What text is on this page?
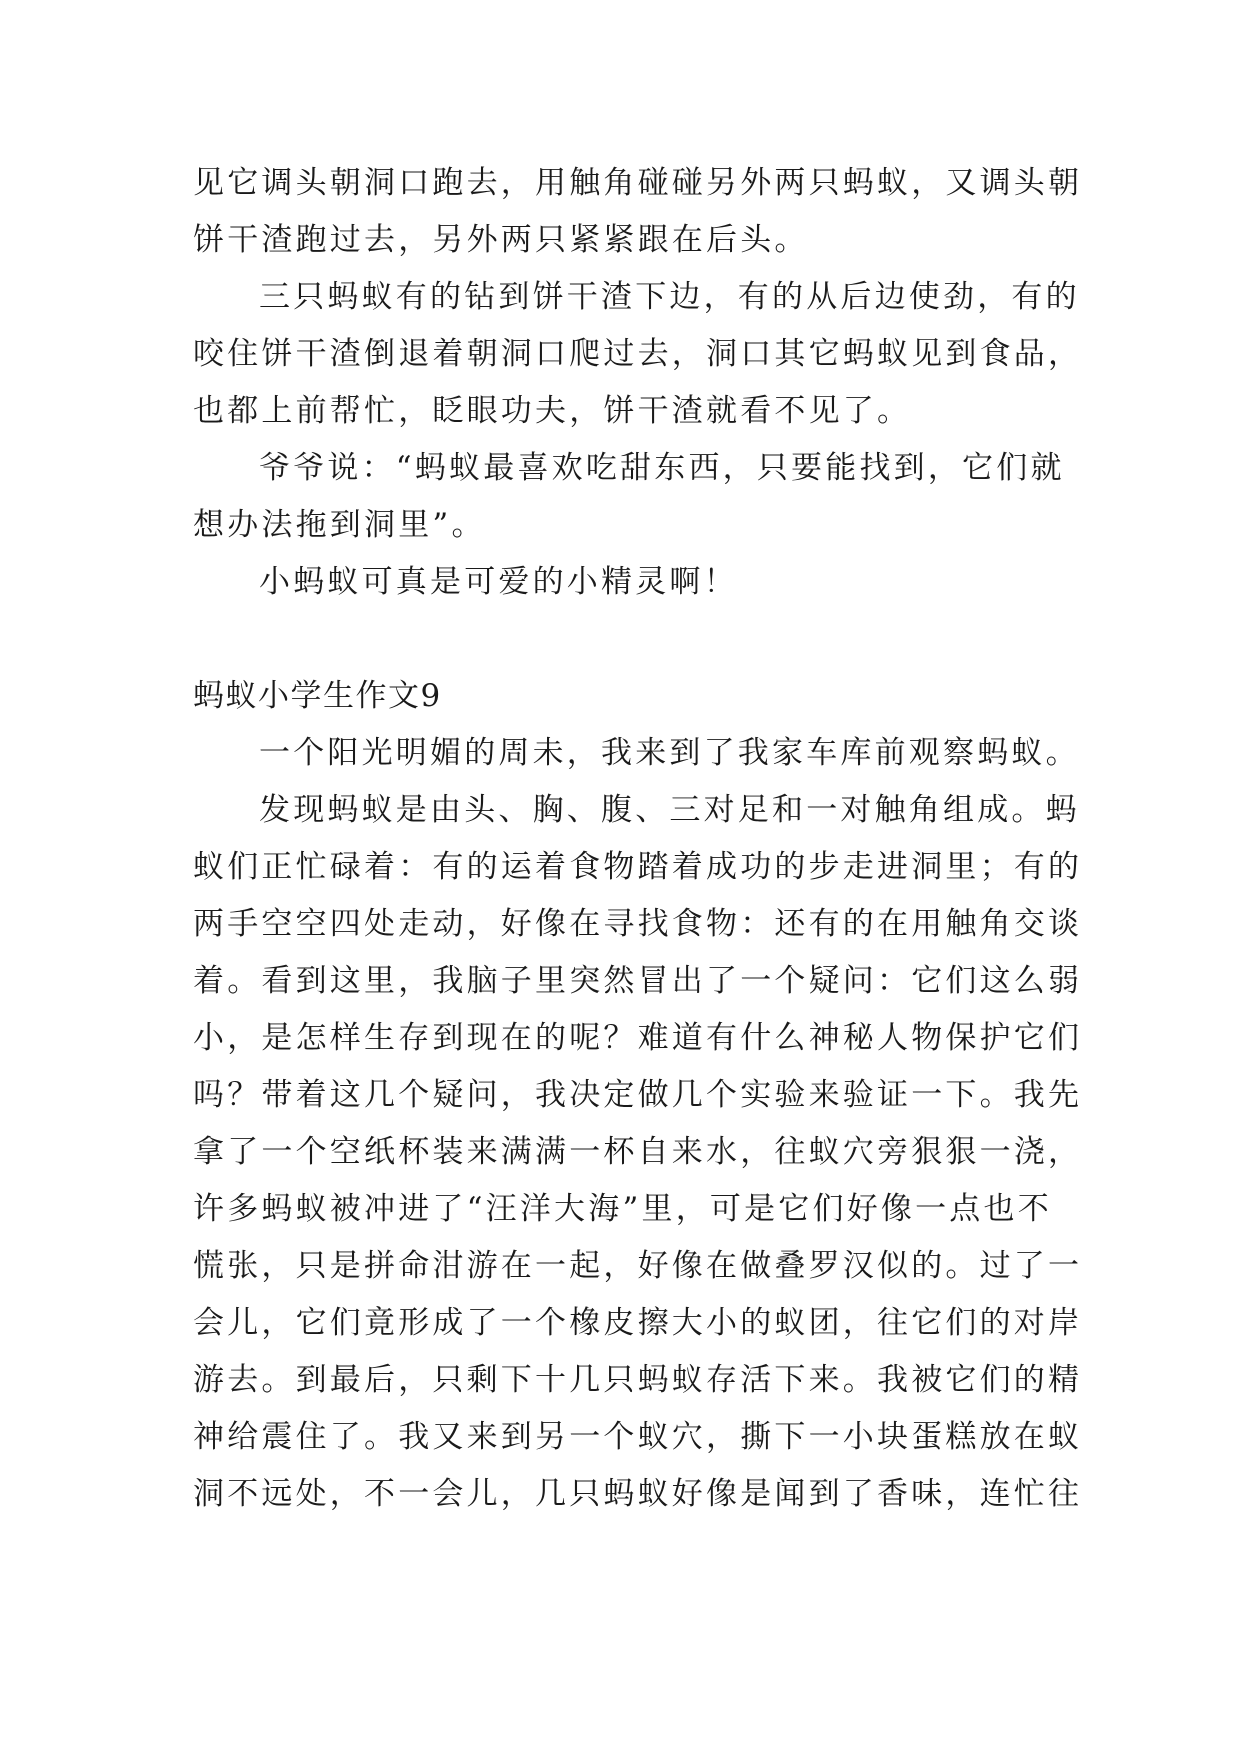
见它调头朝洞口跑去，用触角碰碰另外两只蚂蚁，又调头朝
饼干渣跑过去，另外两只紧紧跟在后头。
三只蚂蚁有的钻到饼干渣下边，有的从后边使劲，有的
咬住饼干渣倒退着朝洞口爬过去，洞口其它蚂蚁见到食品，
也都上前帮忙，眨眼功夫，饼干渣就看不见了。
爷爷说：“蚂蚁最喜欢吃甜东西，只要能找到，它们就
想办法拖到洞里”。
小蚂蚁可真是可爱的小精灵啊！
蚂蚁小学生作文9
一个阳光明媚的周未，我来到了我家车库前观察蚂蚁。
发现蚂蚁是由头、胸、腹、三对足和一对触角组成。蚂
蚁们正忙碌着：有的运着食物踏着成功的步走进洞里；有的
两手空空四处走动，好像在寻找食物：还有的在用触角交谈
着。看到这里，我脑子里突然冒出了一个疑问：它们这么弱
小，是怎样生存到现在的呢？难道有什么神秘人物保护它们
吗？带着这几个疑问，我决定做几个实验来验证一下。我先
拿了一个空纸杯装来满满一杯自来水，往蚁穴旁狠狠一浇，
许多蚂蚁被冲进了“汪洋大海”里，可是它们好像一点也不
慌张，只是拼命泔游在一起，好像在做叠罗汉似的。过了一
会儿，它们竟形成了一个橡皮擦大小的蚁团，往它们的对岸
游去。到最后，只剩下十几只蚂蚁存活下来。我被它们的精
神给震住了。我又来到另一个蚁穴，撕下一小块蛋糕放在蚁
洞不远处，不一会儿，几只蚂蚁好像是闻到了香味，连忙往
